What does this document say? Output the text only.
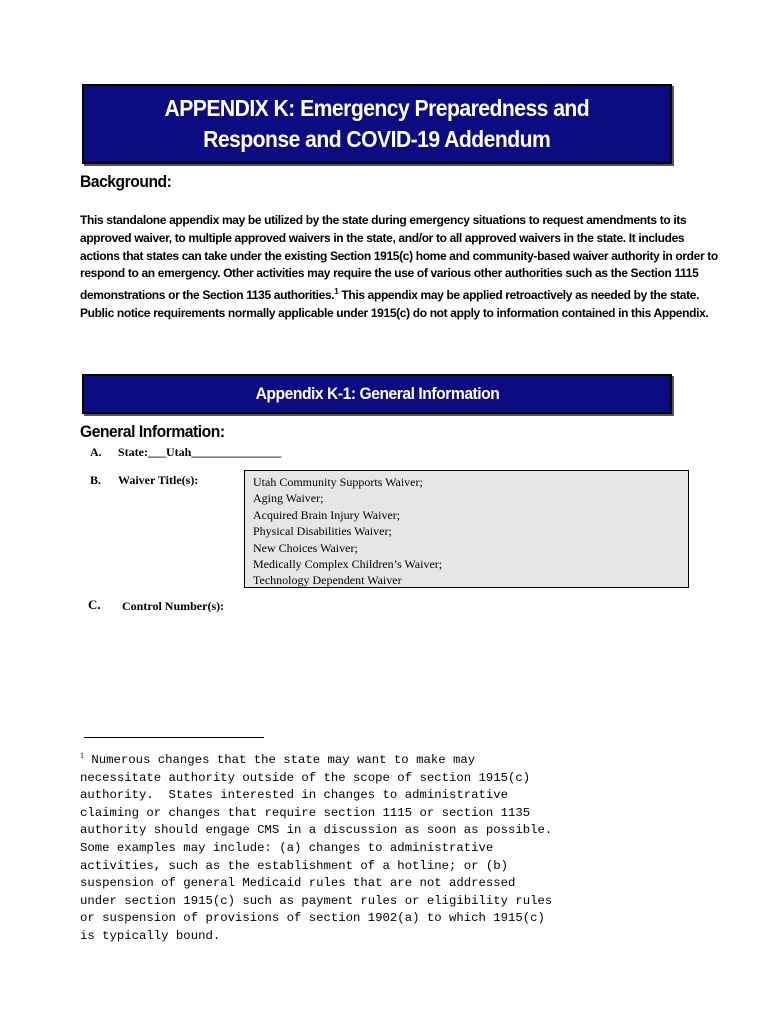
APPENDIX K: Emergency Preparedness and
Response and COVID-19 Addendum
Background:
This standalone appendix may be utilized by the state during emergency situations to request amendments to its approved waiver, to multiple approved waivers in the state, and/or to all approved waivers in the state. It includes actions that states can take under the existing Section 1915(c) home and community-based waiver authority in order to respond to an emergency. Other activities may require the use of various other authorities such as the Section 1115 demonstrations or the Section 1135 authorities.$^1$ This appendix may be applied retroactively as needed by the state. Public notice requirements normally applicable under 1915(c) do not apply to information contained in this Appendix.
Appendix K-1: General Information
General Information:
A. State:___Utah_______________
B. Waiver Title(s):	Utah Community Supports Waiver;
Aging Waiver;
Acquired Brain Injury Waiver;
Physical Disabilities Waiver;
New Choices Waiver;
Medically Complex Children’s Waiver;
Technology Dependent Waiver
C. Control Number(s):
$^1$ Numerous changes that the state may want to make may
necessitate authority outside of the scope of section 1915(c)
authority.  States interested in changes to administrative
claiming or changes that require section 1115 or section 1135
authority should engage CMS in a discussion as soon as possible.
Some examples may include: (a) changes to administrative
activities, such as the establishment of a hotline; or (b)
suspension of general Medicaid rules that are not addressed
under section 1915(c) such as payment rules or eligibility rules
or suspension of provisions of section 1902(a) to which 1915(c)
is typically bound.
